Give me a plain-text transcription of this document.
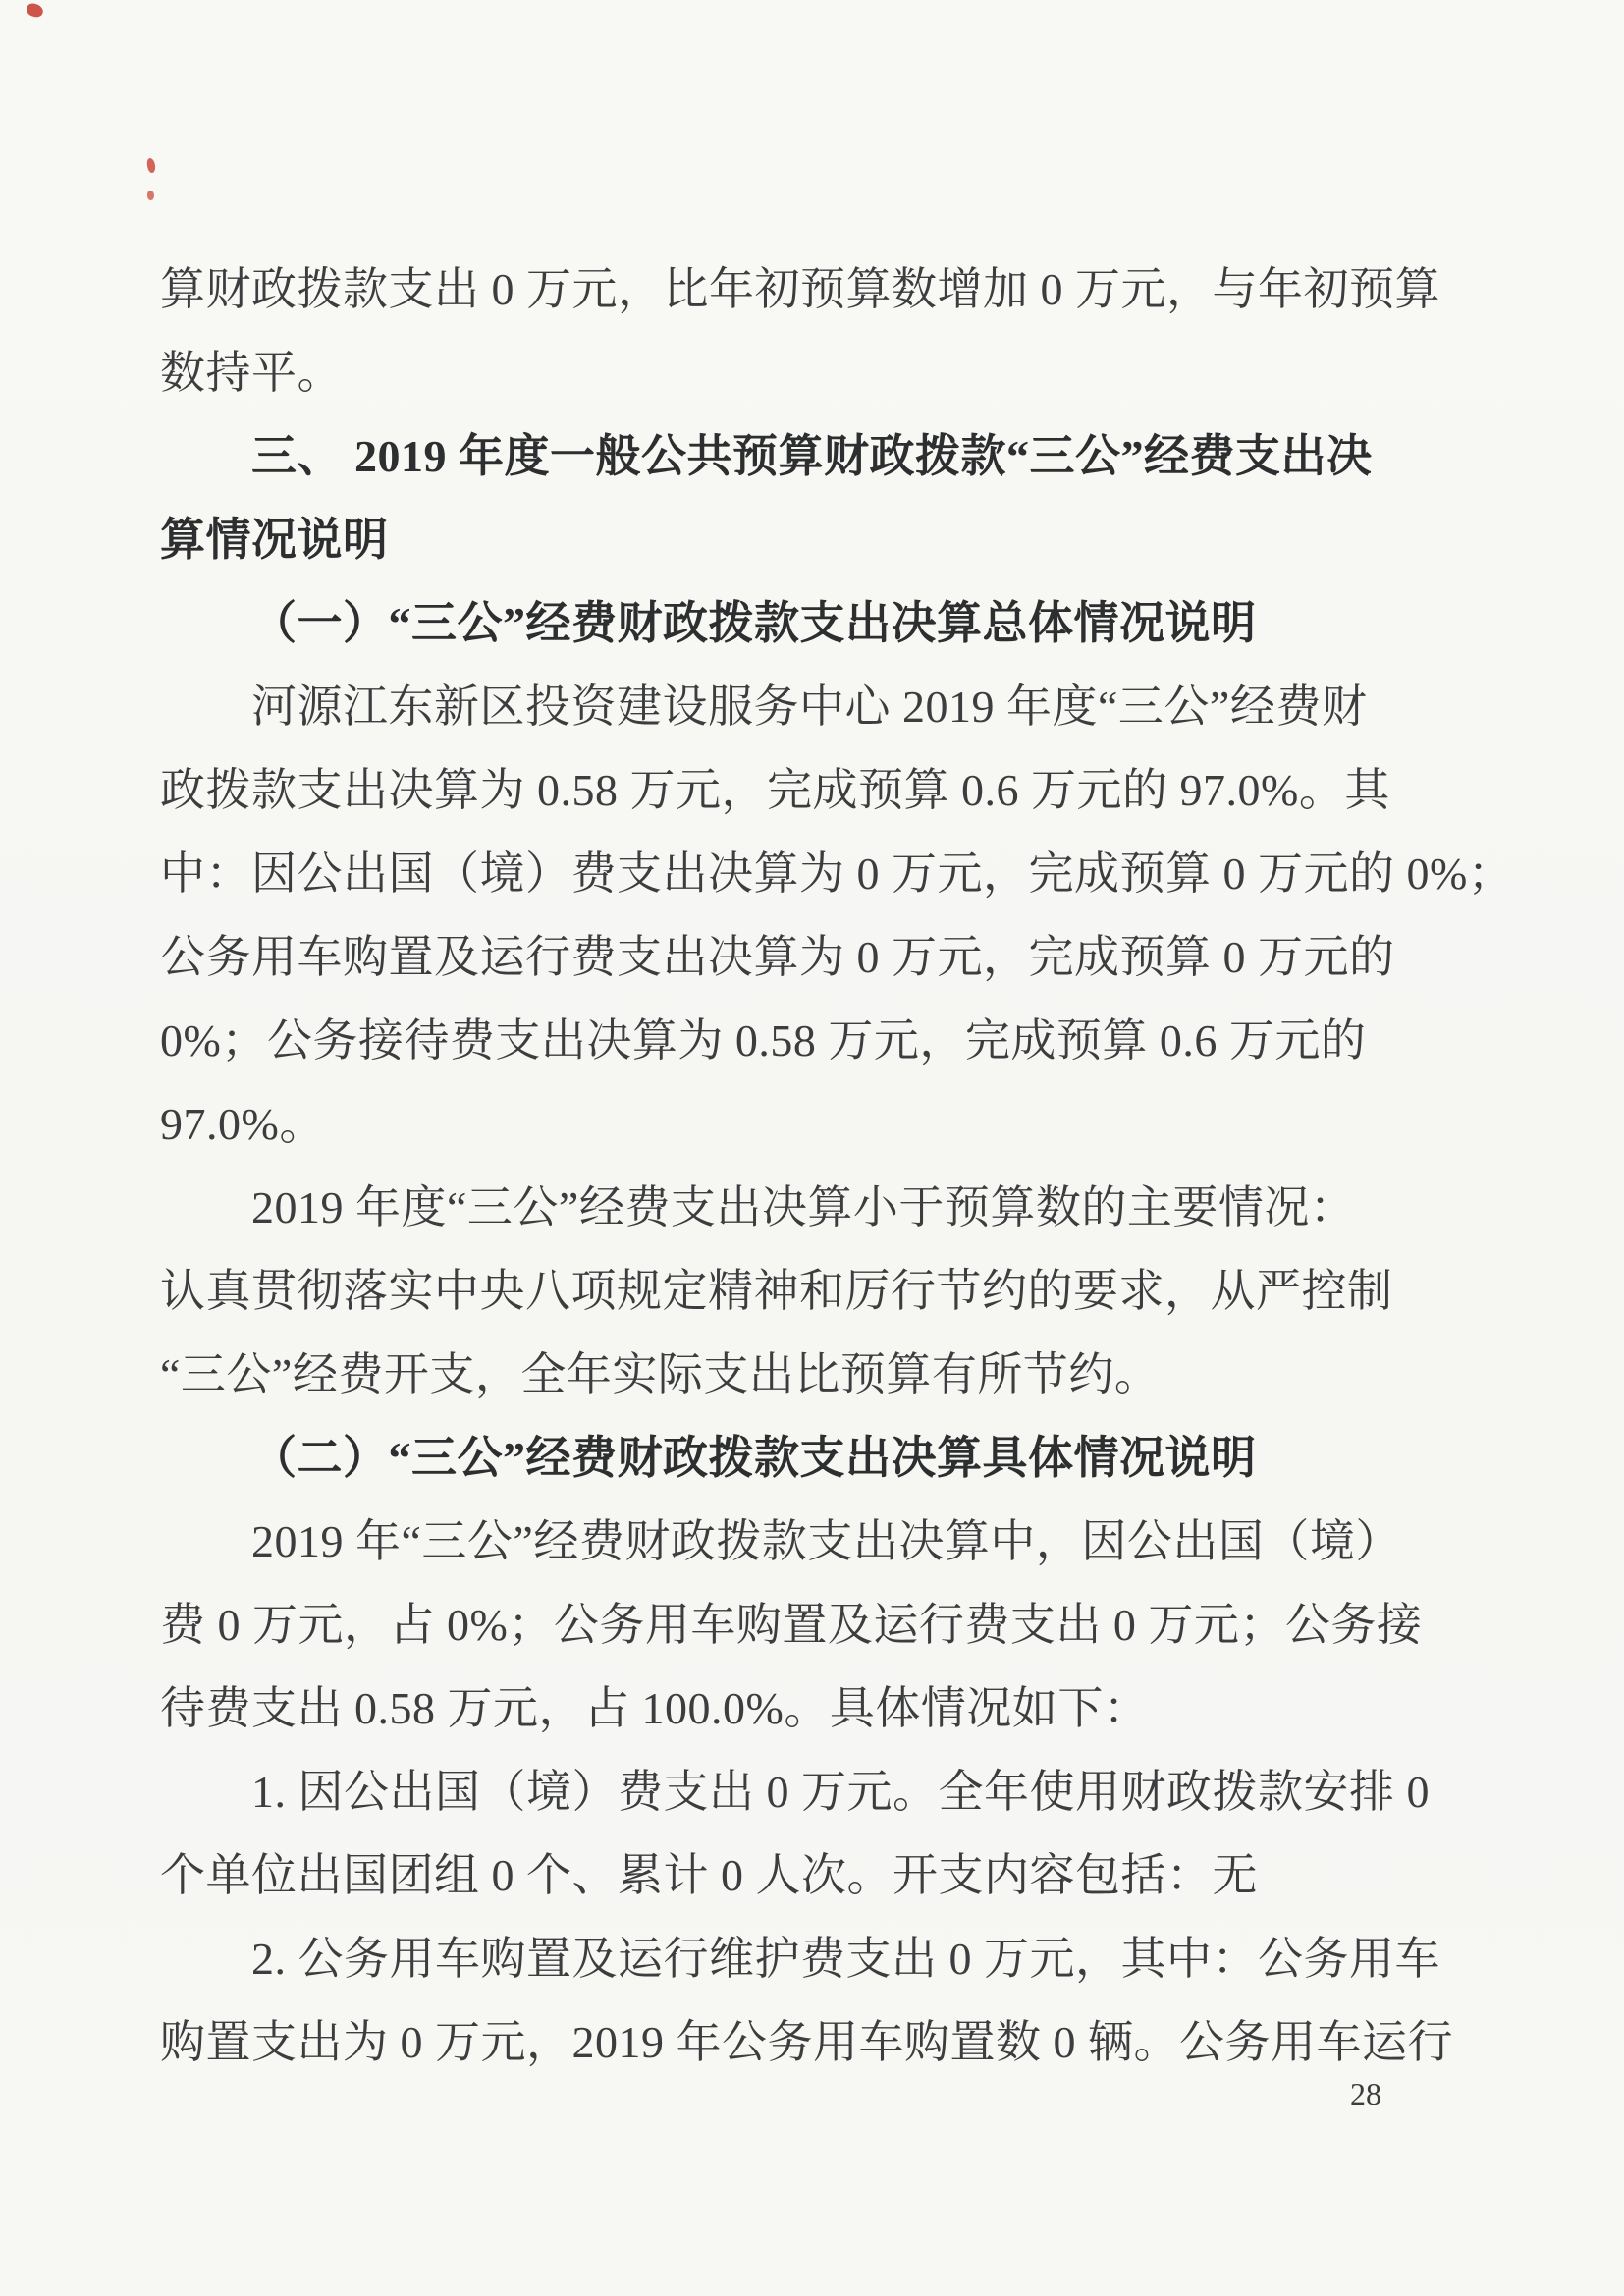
算财政拨款支出 0 万元，比年初预算数增加 0 万元，与年初预算
数持平。
三、 2019 年度一般公共预算财政拨款“三公”经费支出决
算情况说明
（一）“三公”经费财政拨款支出决算总体情况说明
河源江东新区投资建设服务中心 2019 年度“三公”经费财
政拨款支出决算为 0.58 万元，完成预算 0.6 万元的 97.0%。其
中：因公出国（境）费支出决算为 0 万元，完成预算 0 万元的 0%；
公务用车购置及运行费支出决算为 0 万元，完成预算 0 万元的
0%；公务接待费支出决算为 0.58 万元，完成预算 0.6 万元的
97.0%。
2019 年度“三公”经费支出决算小于预算数的主要情况：
认真贯彻落实中央八项规定精神和厉行节约的要求，从严控制
“三公”经费开支，全年实际支出比预算有所节约。
（二）“三公”经费财政拨款支出决算具体情况说明
2019 年“三公”经费财政拨款支出决算中，因公出国（境）
费 0 万元，占 0%；公务用车购置及运行费支出 0 万元；公务接
待费支出 0.58 万元，占 100.0%。具体情况如下：
1. 因公出国（境）费支出 0 万元。全年使用财政拨款安排 0
个单位出国团组 0 个、累计 0 人次。开支内容包括：无
2. 公务用车购置及运行维护费支出 0 万元，其中：公务用车
购置支出为 0 万元，2019 年公务用车购置数 0 辆。公务用车运行
28
